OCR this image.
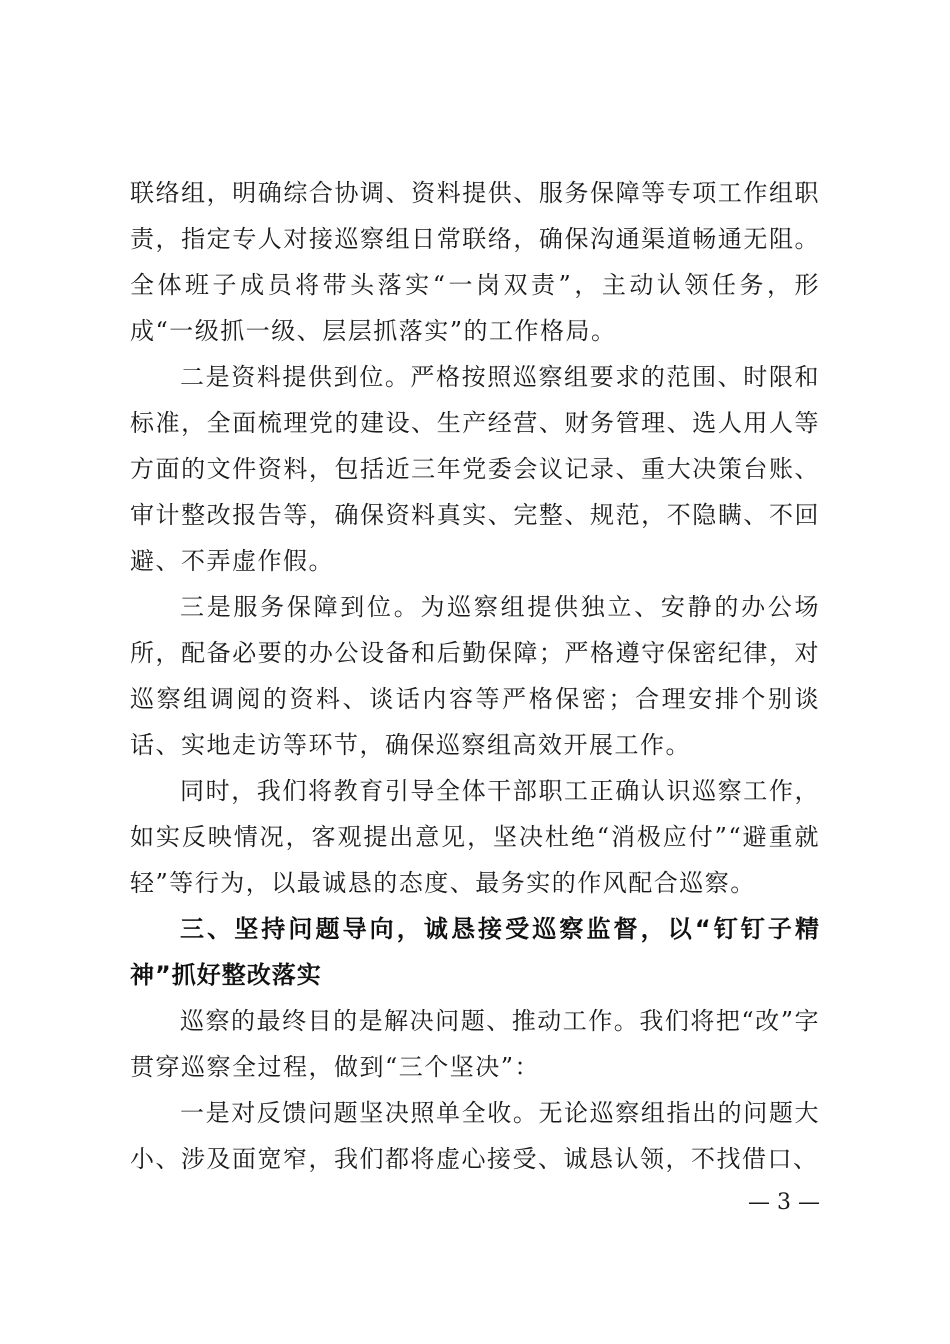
联络组，明确综合协调、资料提供、服务保障等专项工作组职责，指定专人对接巡察组日常联络，确保沟通渠道畅通无阻。全体班子成员将带头落实“一岗双责”，主动认领任务，形成“一级抓一级、层层抓落实”的工作格局。

二是资料提供到位。严格按照巡察组要求的范围、时限和标准，全面梳理党的建设、生产经营、财务管理、选人用人等方面的文件资料，包括近三年党委会议记录、重大决策台账、审计整改报告等，确保资料真实、完整、规范，不隐瞒、不回避、不弄虚作假。

三是服务保障到位。为巡察组提供独立、安静的办公场所，配备必要的办公设备和后勤保障；严格遵守保密纪律，对巡察组调阅的资料、谈话内容等严格保密；合理安排个别谈话、实地走访等环节，确保巡察组高效开展工作。

同时，我们将教育引导全体干部职工正确认识巡察工作，如实反映情况，客观提出意见，坚决杜绝“消极应付”“避重就轻”等行为，以最诚恳的态度、最务实的作风配合巡察。

三、坚持问题导向，诚恳接受巡察监督，以“钉钉子精神”抓好整改落实

巡察的最终目的是解决问题、推动工作。我们将把“改”字贯穿巡察全过程，做到“三个坚决”：

一是对反馈问题坚决照单全收。无论巡察组指出的问题大小、涉及面宽窄，我们都将虚心接受、诚恳认领，不找借口、

— 3 —
